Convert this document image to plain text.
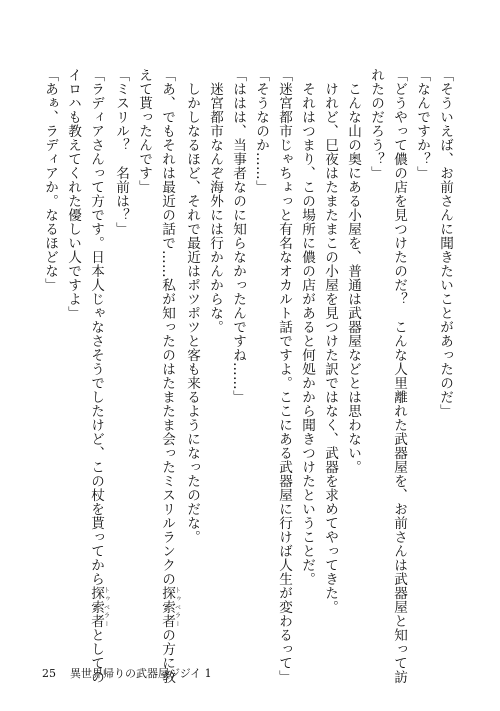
「そういえば、お前さんに聞きたいことがあったのだ」
「なんですか？」
「どうやって儂の店を見つけたのだ？　こんな人里離れた武器屋を、お前さんは武器屋と知って訪
れたのだろう？」
　こんな山の奥にある小屋を、普通は武器屋などとは思わない。
　けれど、巳夜はたまたまこの小屋を見つけた訳ではなく、武器を求めてやってきた。
　それはつまり、この場所に儂の店があると何処かから聞きつけたということだ。
「迷宮都市じゃちょっと有名なオカルト話ですよ。ここにある武器屋に行けば人生が変わるって」
「そうなのか……」
「ははは、当事者なのに知らなかったんですね……」
　迷宮都市なんぞ海外には行かんからな。
　しかしなるほど、それで最近はポツポツと客も来るようになったのだな。
「あ、でもそれは最近の話で……私が知ったのはたまたま会ったミスリルランクの探索者トゥベラーの方に教
えて貰ったんです」
「ミスリル？　名前は？」
「ラディアさんって方です。日本人じゃなさそうでしたけど、この杖を貰ってから探索者トゥベラーとしての
イロハも教えてくれた優しい人ですよ」
「あぁ、ラディアか。なるほどな」
25 異世界帰りの武器屋ジジイ 1
